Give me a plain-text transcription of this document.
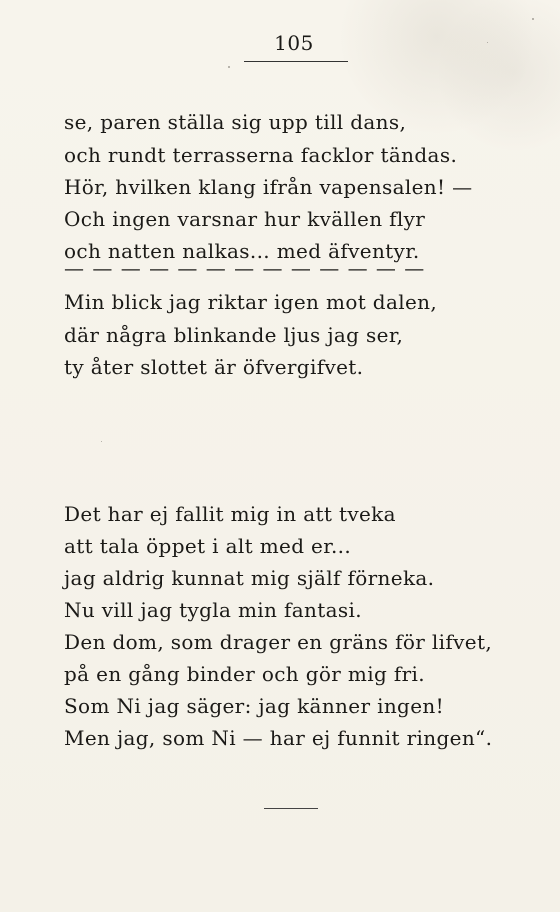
105
se, paren ställa sig upp till dans,
och rundt terrasserna facklor tändas.
Hör, hvilken klang ifrån vapensalen! —
Och ingen varsnar hur kvällen flyr
och natten nalkas... med äfventyr.
— — — — — — — — — — — — —
Min blick jag riktar igen mot dalen,
där några blinkande ljus jag ser,
ty åter slottet är öfvergifvet.
Det har ej fallit mig in att tveka
att tala öppet i alt med er...
jag aldrig kunnat mig själf förneka.
Nu vill jag tygla min fantasi.
Den dom, som drager en gräns för lifvet,
på en gång binder och gör mig fri.
Som Ni jag säger: jag känner ingen!
Men jag, som Ni — har ej funnit ringen“.
